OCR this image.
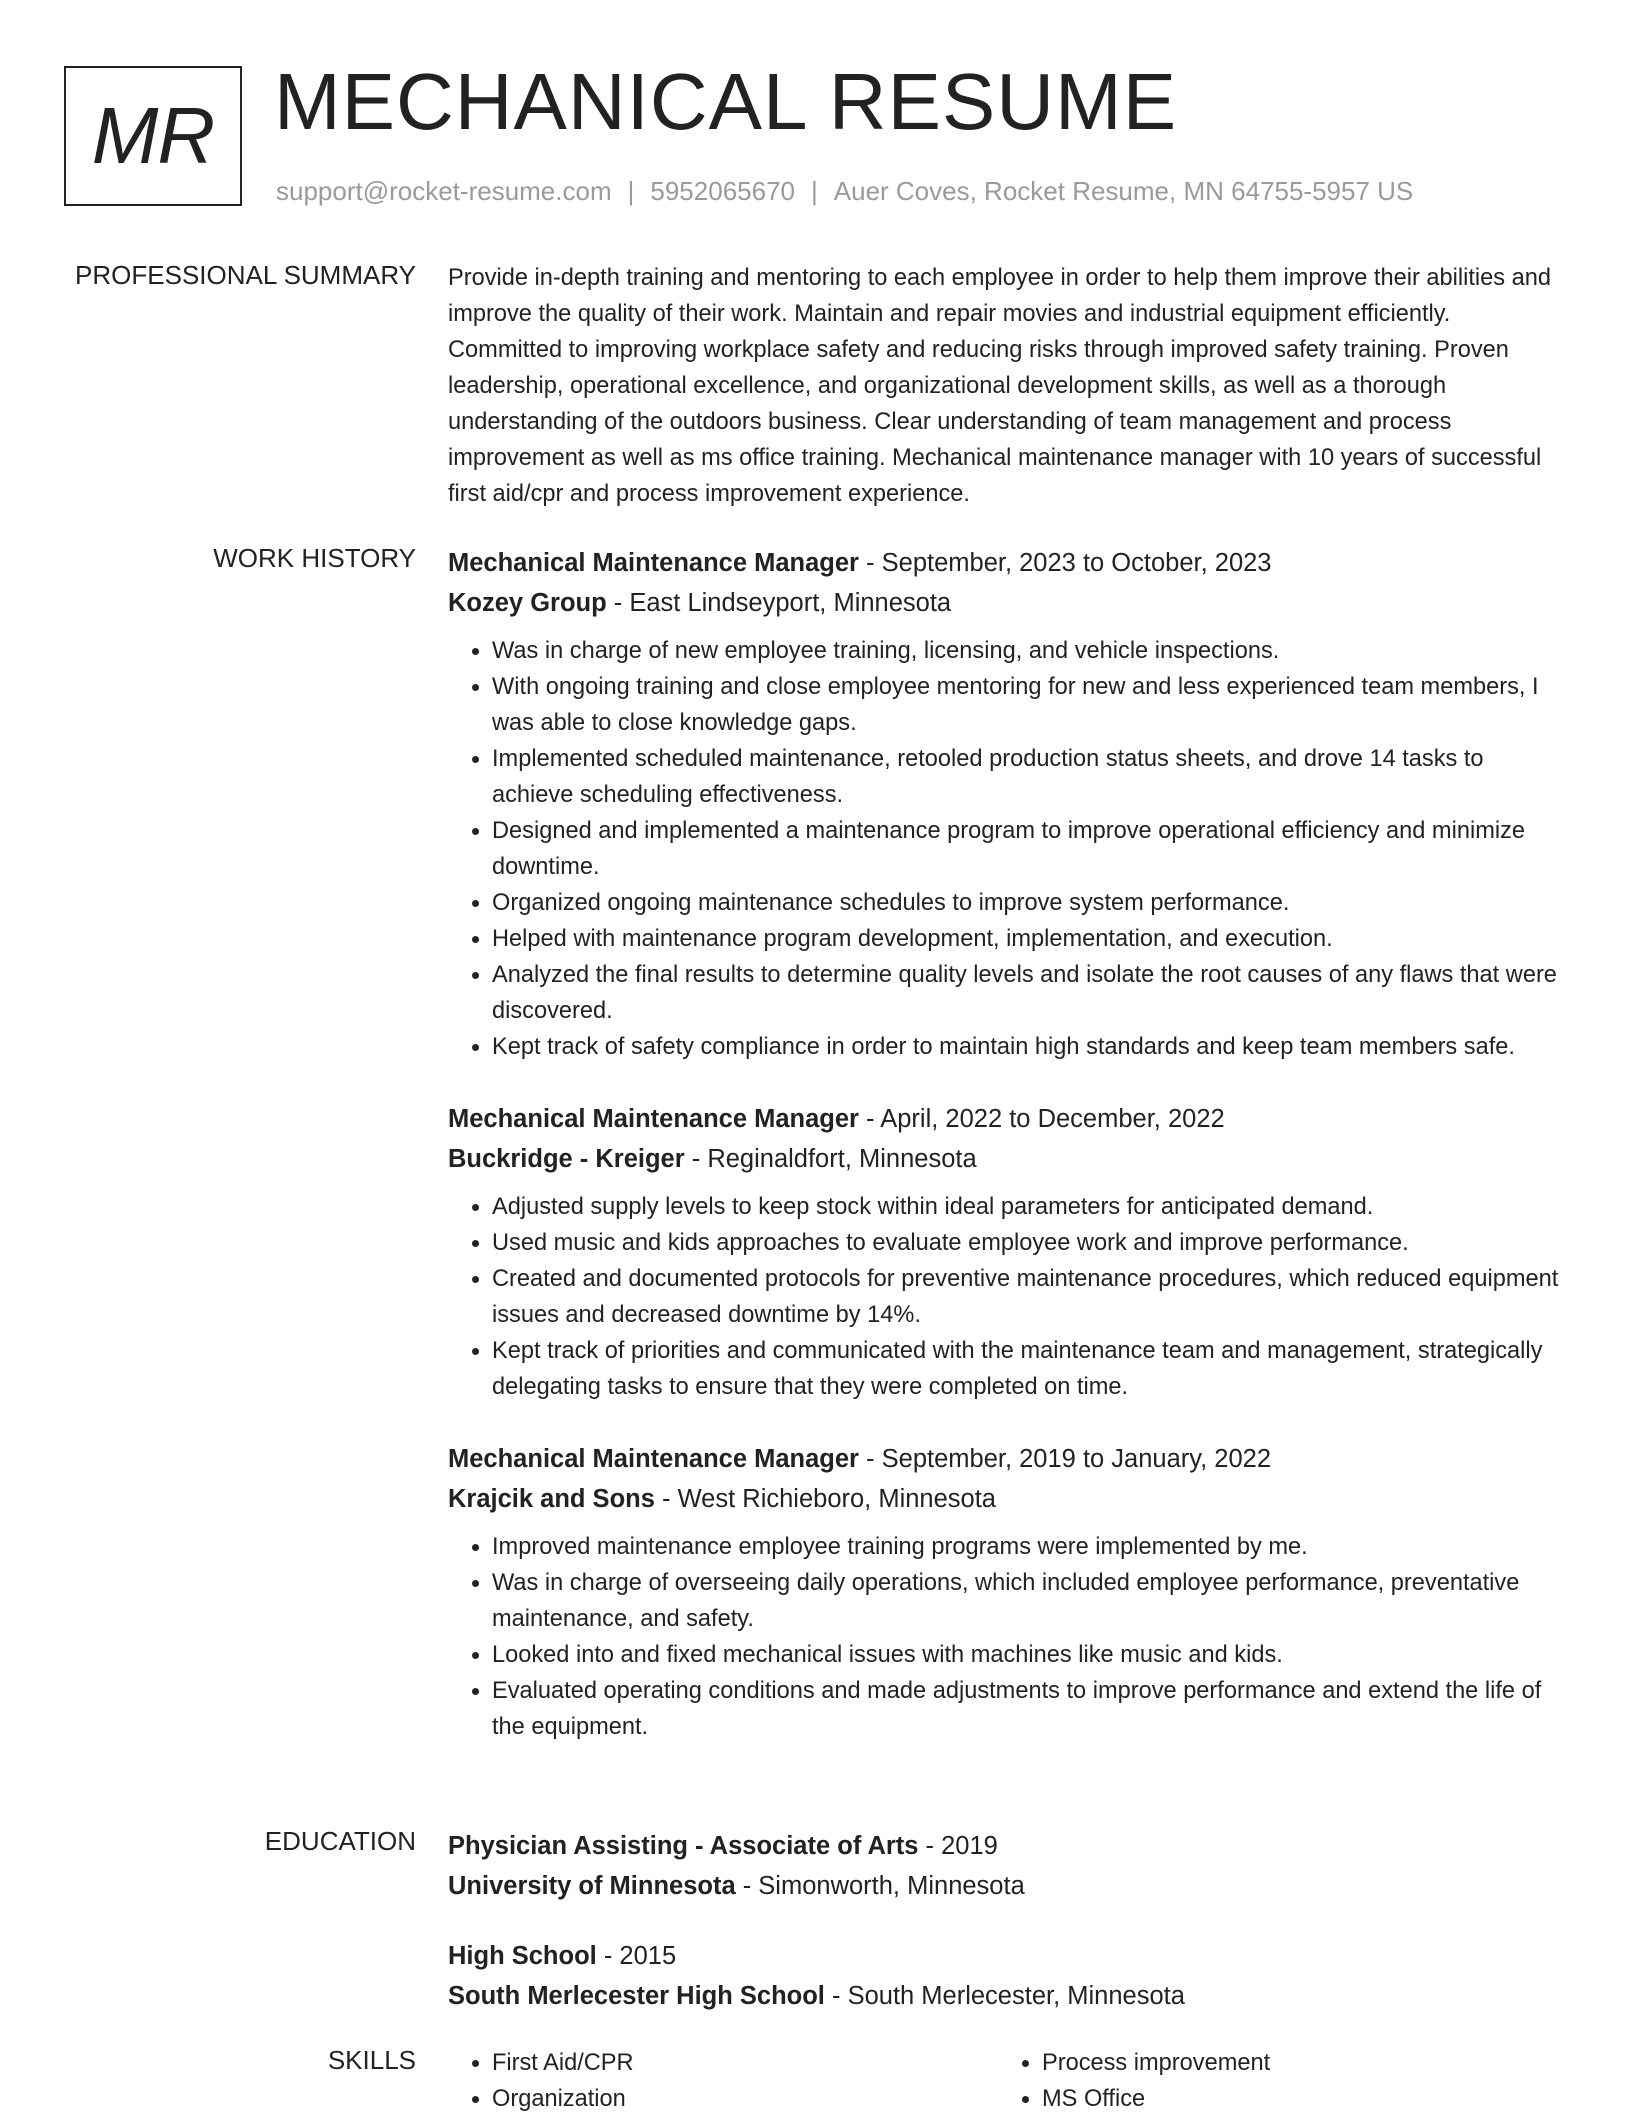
MR MECHANICAL RESUME
support@rocket-resume.com | 5952065670 | Auer Coves, Rocket Resume, MN 64755-5957 US
PROFESSIONAL SUMMARY Provide in-depth training and mentoring to each employee in order to help them improve their abilities and improve the quality of their work. Maintain and repair movies and industrial equipment efficiently. Committed to improving workplace safety and reducing risks through improved safety training. Proven leadership, operational excellence, and organizational development skills, as well as a thorough understanding of the outdoors business. Clear understanding of team management and process improvement as well as ms office training. Mechanical maintenance manager with 10 years of successful first aid/cpr and process improvement experience.

WORK HISTORY Mechanical Maintenance Manager - September, 2023 to October, 2023
Kozey Group - East Lindseyport, Minnesota
• Was in charge of new employee training, licensing, and vehicle inspections.
• With ongoing training and close employee mentoring for new and less experienced team members, I was able to close knowledge gaps.
• Implemented scheduled maintenance, retooled production status sheets, and drove 14 tasks to achieve scheduling effectiveness.
• Designed and implemented a maintenance program to improve operational efficiency and minimize downtime.
• Organized ongoing maintenance schedules to improve system performance.
• Helped with maintenance program development, implementation, and execution.
• Analyzed the final results to determine quality levels and isolate the root causes of any flaws that were discovered.
• Kept track of safety compliance in order to maintain high standards and keep team members safe.
Mechanical Maintenance Manager - April, 2022 to December, 2022
Buckridge - Kreiger - Reginaldfort, Minnesota
• Adjusted supply levels to keep stock within ideal parameters for anticipated demand.
• Used music and kids approaches to evaluate employee work and improve performance.
• Created and documented protocols for preventive maintenance procedures, which reduced equipment issues and decreased downtime by 14%.
• Kept track of priorities and communicated with the maintenance team and management, strategically delegating tasks to ensure that they were completed on time.
Mechanical Maintenance Manager - September, 2019 to January, 2022
Krajcik and Sons - West Richieboro, Minnesota
• Improved maintenance employee training programs were implemented by me.
• Was in charge of overseeing daily operations, which included employee performance, preventative maintenance, and safety.
• Looked into and fixed mechanical issues with machines like music and kids.
• Evaluated operating conditions and made adjustments to improve performance and extend the life of the equipment.
EDUCATION Physician Assisting - Associate of Arts - 2019
University of Minnesota - Simonworth, Minnesota
High School - 2015
South Merlecester High School - South Merlecester, Minnesota
SKILLS
•	First Aid/CPR
• Organization
• Process improvement
• MS Office
